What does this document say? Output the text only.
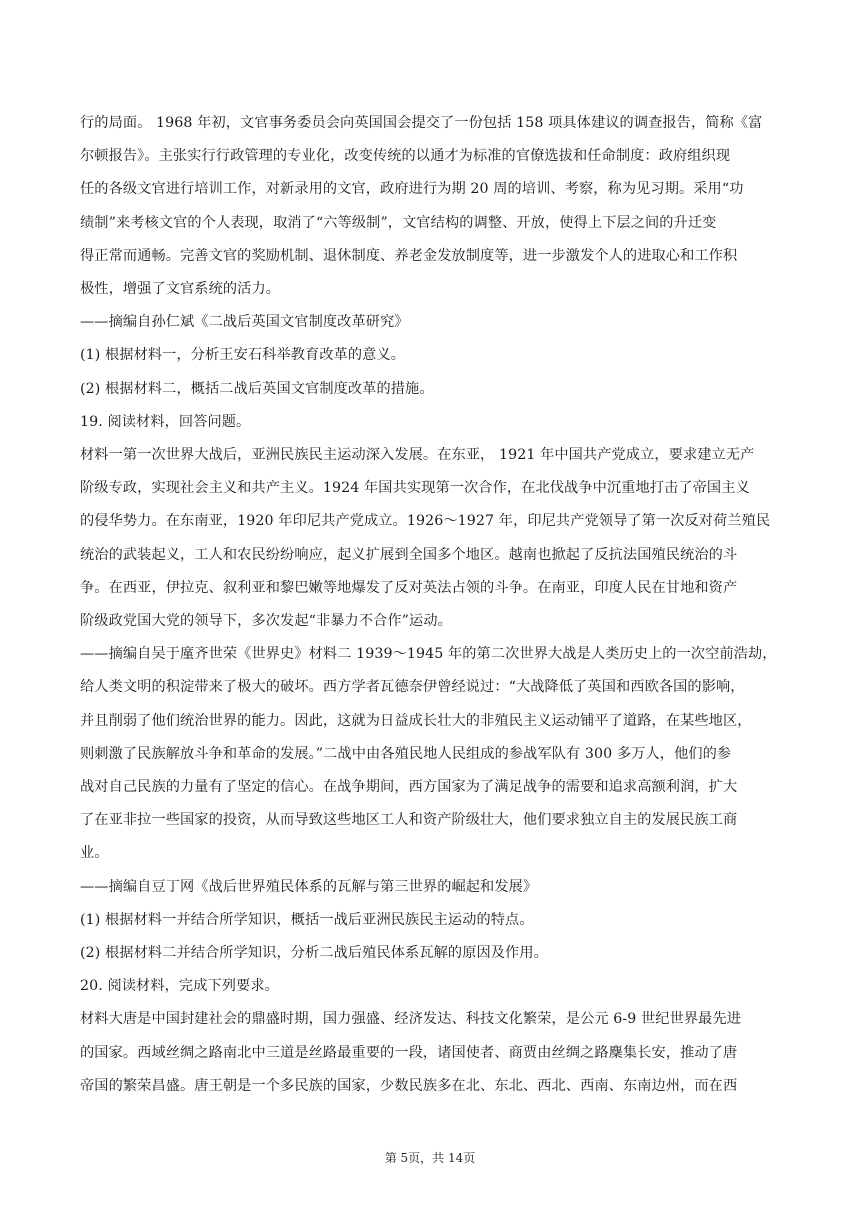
行的局面。 1968 年初，文官事务委员会向英国国会提交了一份包括 158 项具体建议的调查报告，简称《富
尔顿报告》。主张实行行政管理的专业化，改变传统的以通才为标准的官僚选拔和任命制度：政府组织现
任的各级文官进行培训工作，对新录用的文官，政府进行为期 20 周的培训、考察，称为见习期。采用“功
绩制”来考核文官的个人表现，取消了“六等级制”，文官结构的调整、开放，使得上下层之间的升迁变
得正常而通畅。完善文官的奖励机制、退休制度、养老金发放制度等，进一步激发个人的进取心和工作积
极性，增强了文官系统的活力。
——摘编自孙仁斌《二战后英国文官制度改革研究》
(1) 根据材料一，分析王安石科举教育改革的意义。
(2) 根据材料二，概括二战后英国文官制度改革的措施。
19. 阅读材料，回答问题。
材料一第一次世界大战后，亚洲民族民主运动深入发展。在东亚， 1921 年中国共产党成立，要求建立无产
阶级专政，实现社会主义和共产主义。1924 年国共实现第一次合作，在北伐战争中沉重地打击了帝国主义
的侵华势力。在东南亚，1920 年印尼共产党成立。1926～1927 年，印尼共产党领导了第一次反对荷兰殖民
统治的武装起义，工人和农民纷纷响应，起义扩展到全国多个地区。越南也掀起了反抗法国殖民统治的斗
争。在西亚，伊拉克、叙利亚和黎巴嫩等地爆发了反对英法占领的斗争。在南亚，印度人民在甘地和资产
阶级政党国大党的领导下，多次发起“非暴力不合作”运动。
——摘编自吴于廑齐世荣《世界史》材料二 1939～1945 年的第二次世界大战是人类历史上的一次空前浩劫，
给人类文明的积淀带来了极大的破坏。西方学者瓦德奈伊曾经说过：“大战降低了英国和西欧各国的影响，
并且削弱了他们统治世界的能力。因此，这就为日益成长壮大的非殖民主义运动铺平了道路，在某些地区，
则刺激了民族解放斗争和革命的发展。”二战中由各殖民地人民组成的参战军队有 300 多万人，他们的参
战对自己民族的力量有了坚定的信心。在战争期间，西方国家为了满足战争的需要和追求高额利润，扩大
了在亚非拉一些国家的投资，从而导致这些地区工人和资产阶级壮大，他们要求独立自主的发展民族工商
业。
——摘编自豆丁网《战后世界殖民体系的瓦解与第三世界的崛起和发展》
(1) 根据材料一并结合所学知识，概括一战后亚洲民族民主运动的特点。
(2) 根据材料二并结合所学知识，分析二战后殖民体系瓦解的原因及作用。
20. 阅读材料，完成下列要求。
材料大唐是中国封建社会的鼎盛时期，国力强盛、经济发达、科技文化繁荣，是公元 6-9 世纪世界最先进
的国家。西域丝绸之路南北中三道是丝路最重要的一段，诸国使者、商贾由丝绸之路麇集长安，推动了唐
帝国的繁荣昌盛。唐王朝是一个多民族的国家，少数民族多在北、东北、西北、西南、东南边州，而在西
第 5页，共 14页
